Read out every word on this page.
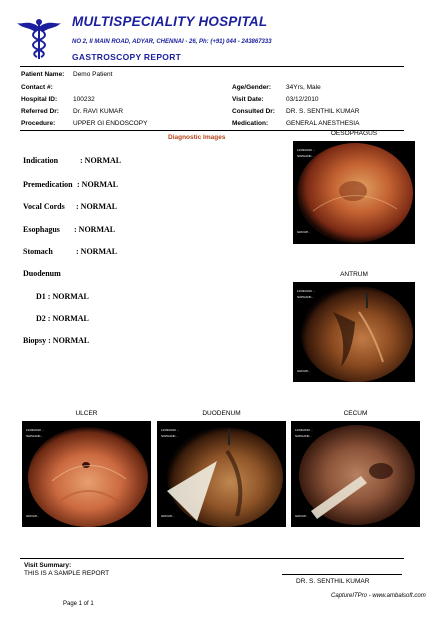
MULTISPECIALITY HOSPITAL
NO 2, II MAIN ROAD, ADYAR, CHENNAI - 26, Ph: (+91) 044 - 243867333
GASTROSCOPY REPORT
Patient Name: Demo Patient
Contact #:	Age/Gender: 34Yrs, Male
Hospital ID: 100232	Visit Date:	03/12/2010
Referred Dr: Dr. RAVI KUMAR	Consulted Dr: DR. S. SENTHIL KUMAR
Procedure:	UPPER GI ENDOSCOPY	Medication:	GENERAL ANESTHESIA
Diagnostic Images
Indication	: NORMAL
Premedication : NORMAL
Vocal Cords : NORMAL
Esophagus : NORMAL
Stomach	: NORMAL
Duodenum
D1 : NORMAL
D2 : NORMAL
Biopsy : NORMAL
OESOPHAGUS
ANTRUM
ULCER	DUODENUM	CECUM
11/03/2010 ...
SUPHANK...
GROUP...
11/03/2010 ...
SUPHANK...
GROUP...
11/03/2010 ...
SUPHANK...
GROUP...
11/03/2010 ...
SUPHANK...
GROUP...
11/03/2010 ...
SUPHANK...
GROUP...
Visit Summary:
THIS IS A SAMPLE REPORT
DR. S. SENTHIL KUMAR
CaptureITPro - www.ambalsoft.com
Page 1 of 1
